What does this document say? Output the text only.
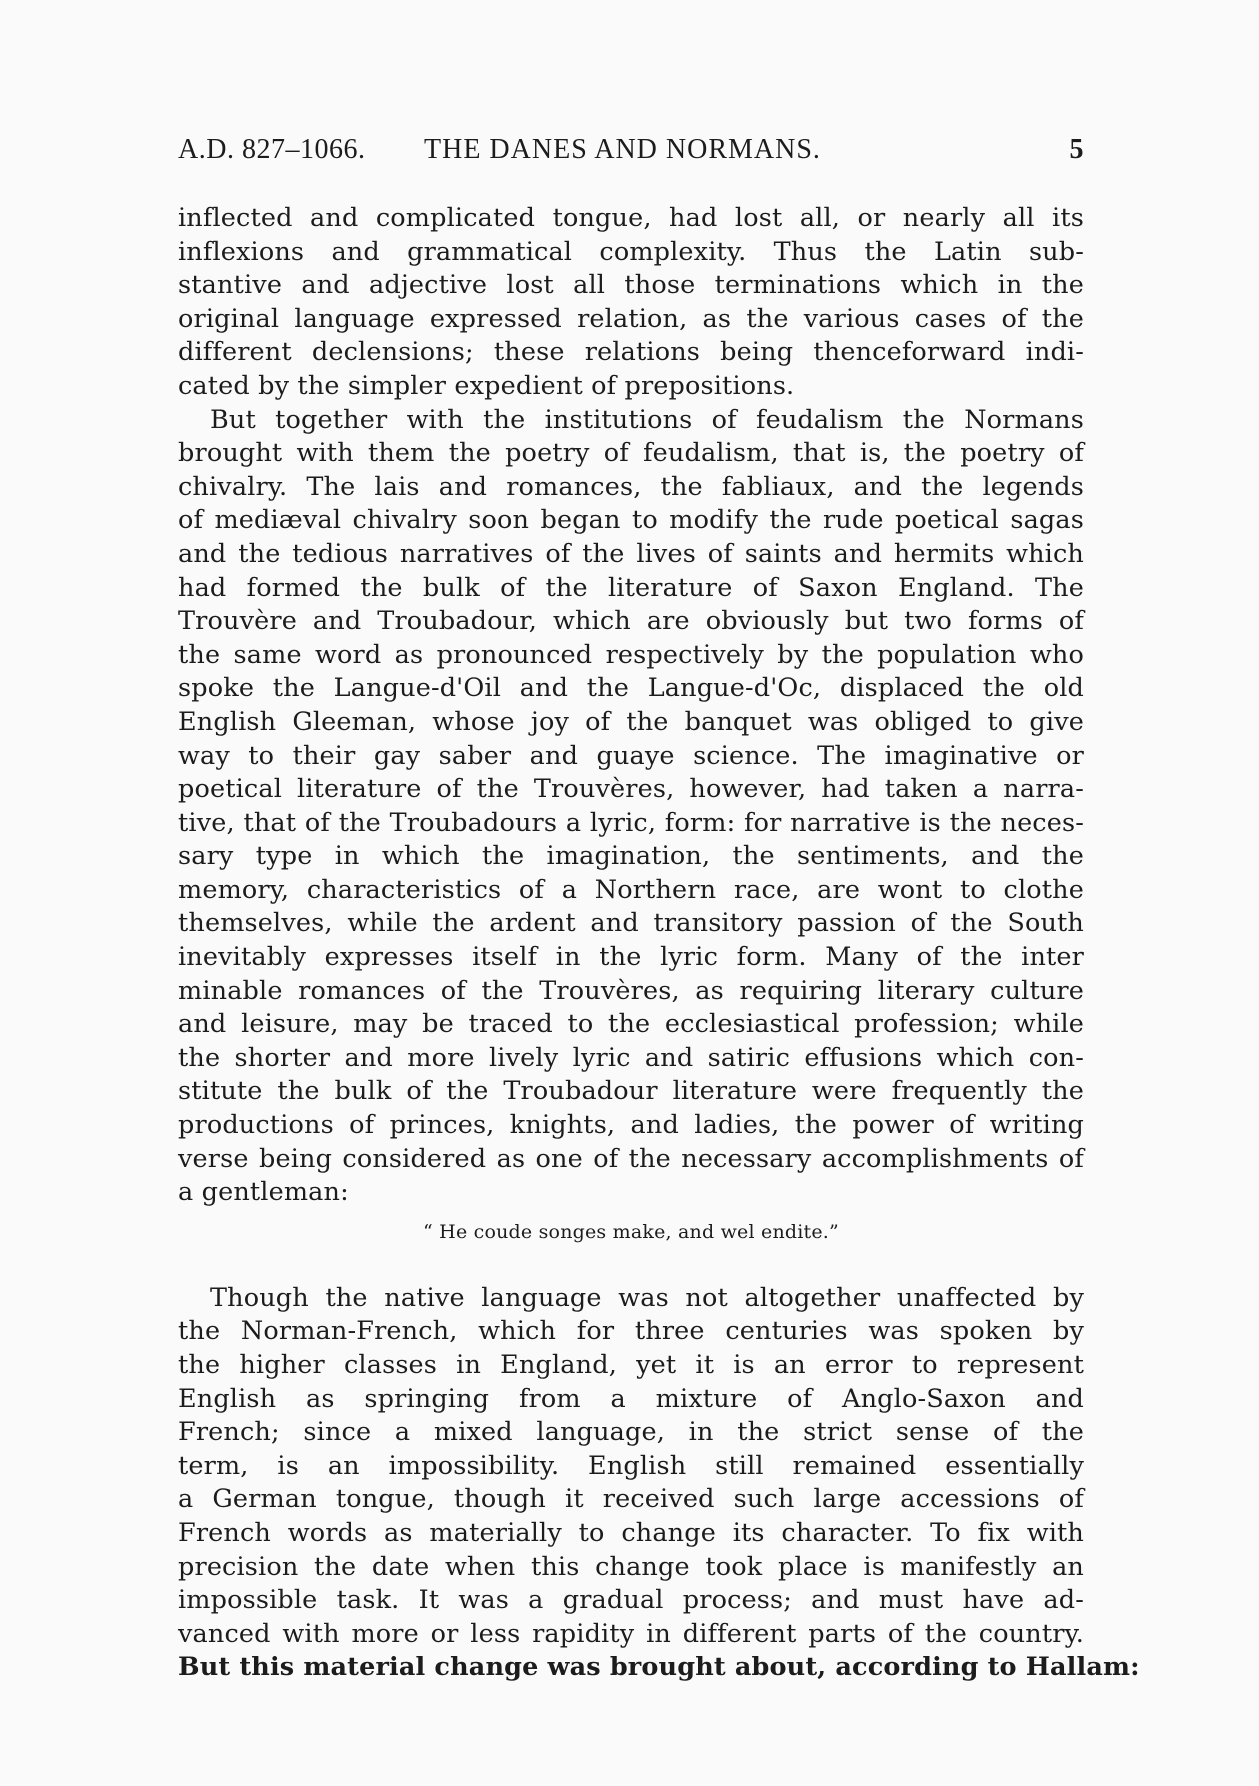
A.D. 827–1066. THE DANES AND NORMANS.	5
inflected and complicated tongue, had lost all, or nearly all its
inflexions and grammatical complexity. Thus the Latin sub-
stantive and adjective lost all those terminations which in the
original language expressed relation, as the various cases of the
different declensions; these relations being thenceforward indi-
cated by the simpler expedient of prepositions.
But together with the institutions of feudalism the Normans
brought with them the poetry of feudalism, that is, the poetry of
chivalry. The lais and romances, the fabliaux, and the legends
of mediæval chivalry soon began to modify the rude poetical sagas
and the tedious narratives of the lives of saints and hermits which
had formed the bulk of the literature of Saxon England. The
Trouvère and Troubadour, which are obviously but two forms of
the same word as pronounced respectively by the population who
spoke the Langue-d'Oil and the Langue-d'Oc, displaced the old
English Gleeman, whose joy of the banquet was obliged to give
way to their gay saber and guaye science. The imaginative or
poetical literature of the Trouvères, however, had taken a narra-
tive, that of the Troubadours a lyric, form: for narrative is the neces-
sary type in which the imagination, the sentiments, and the
memory, characteristics of a Northern race, are wont to clothe
themselves, while the ardent and transitory passion of the South
inevitably expresses itself in the lyric form. Many of the inter
minable romances of the Trouvères, as requiring literary culture
and leisure, may be traced to the ecclesiastical profession; while
the shorter and more lively lyric and satiric effusions which con-
stitute the bulk of the Troubadour literature were frequently the
productions of princes, knights, and ladies, the power of writing
verse being considered as one of the necessary accomplishments of
a gentleman:
“ He coude songes make, and wel endite.”
Though the native language was not altogether unaffected by
the Norman-French, which for three centuries was spoken by
the higher classes in England, yet it is an error to represent
English as springing from a mixture of Anglo-Saxon and
French; since a mixed language, in the strict sense of the
term, is an impossibility. English still remained essentially
a German tongue, though it received such large accessions of
French words as materially to change its character. To fix with
precision the date when this change took place is manifestly an
impossible task. It was a gradual process; and must have ad-
vanced with more or less rapidity in different parts of the country.
But this material change was brought about, according to Hallam:
